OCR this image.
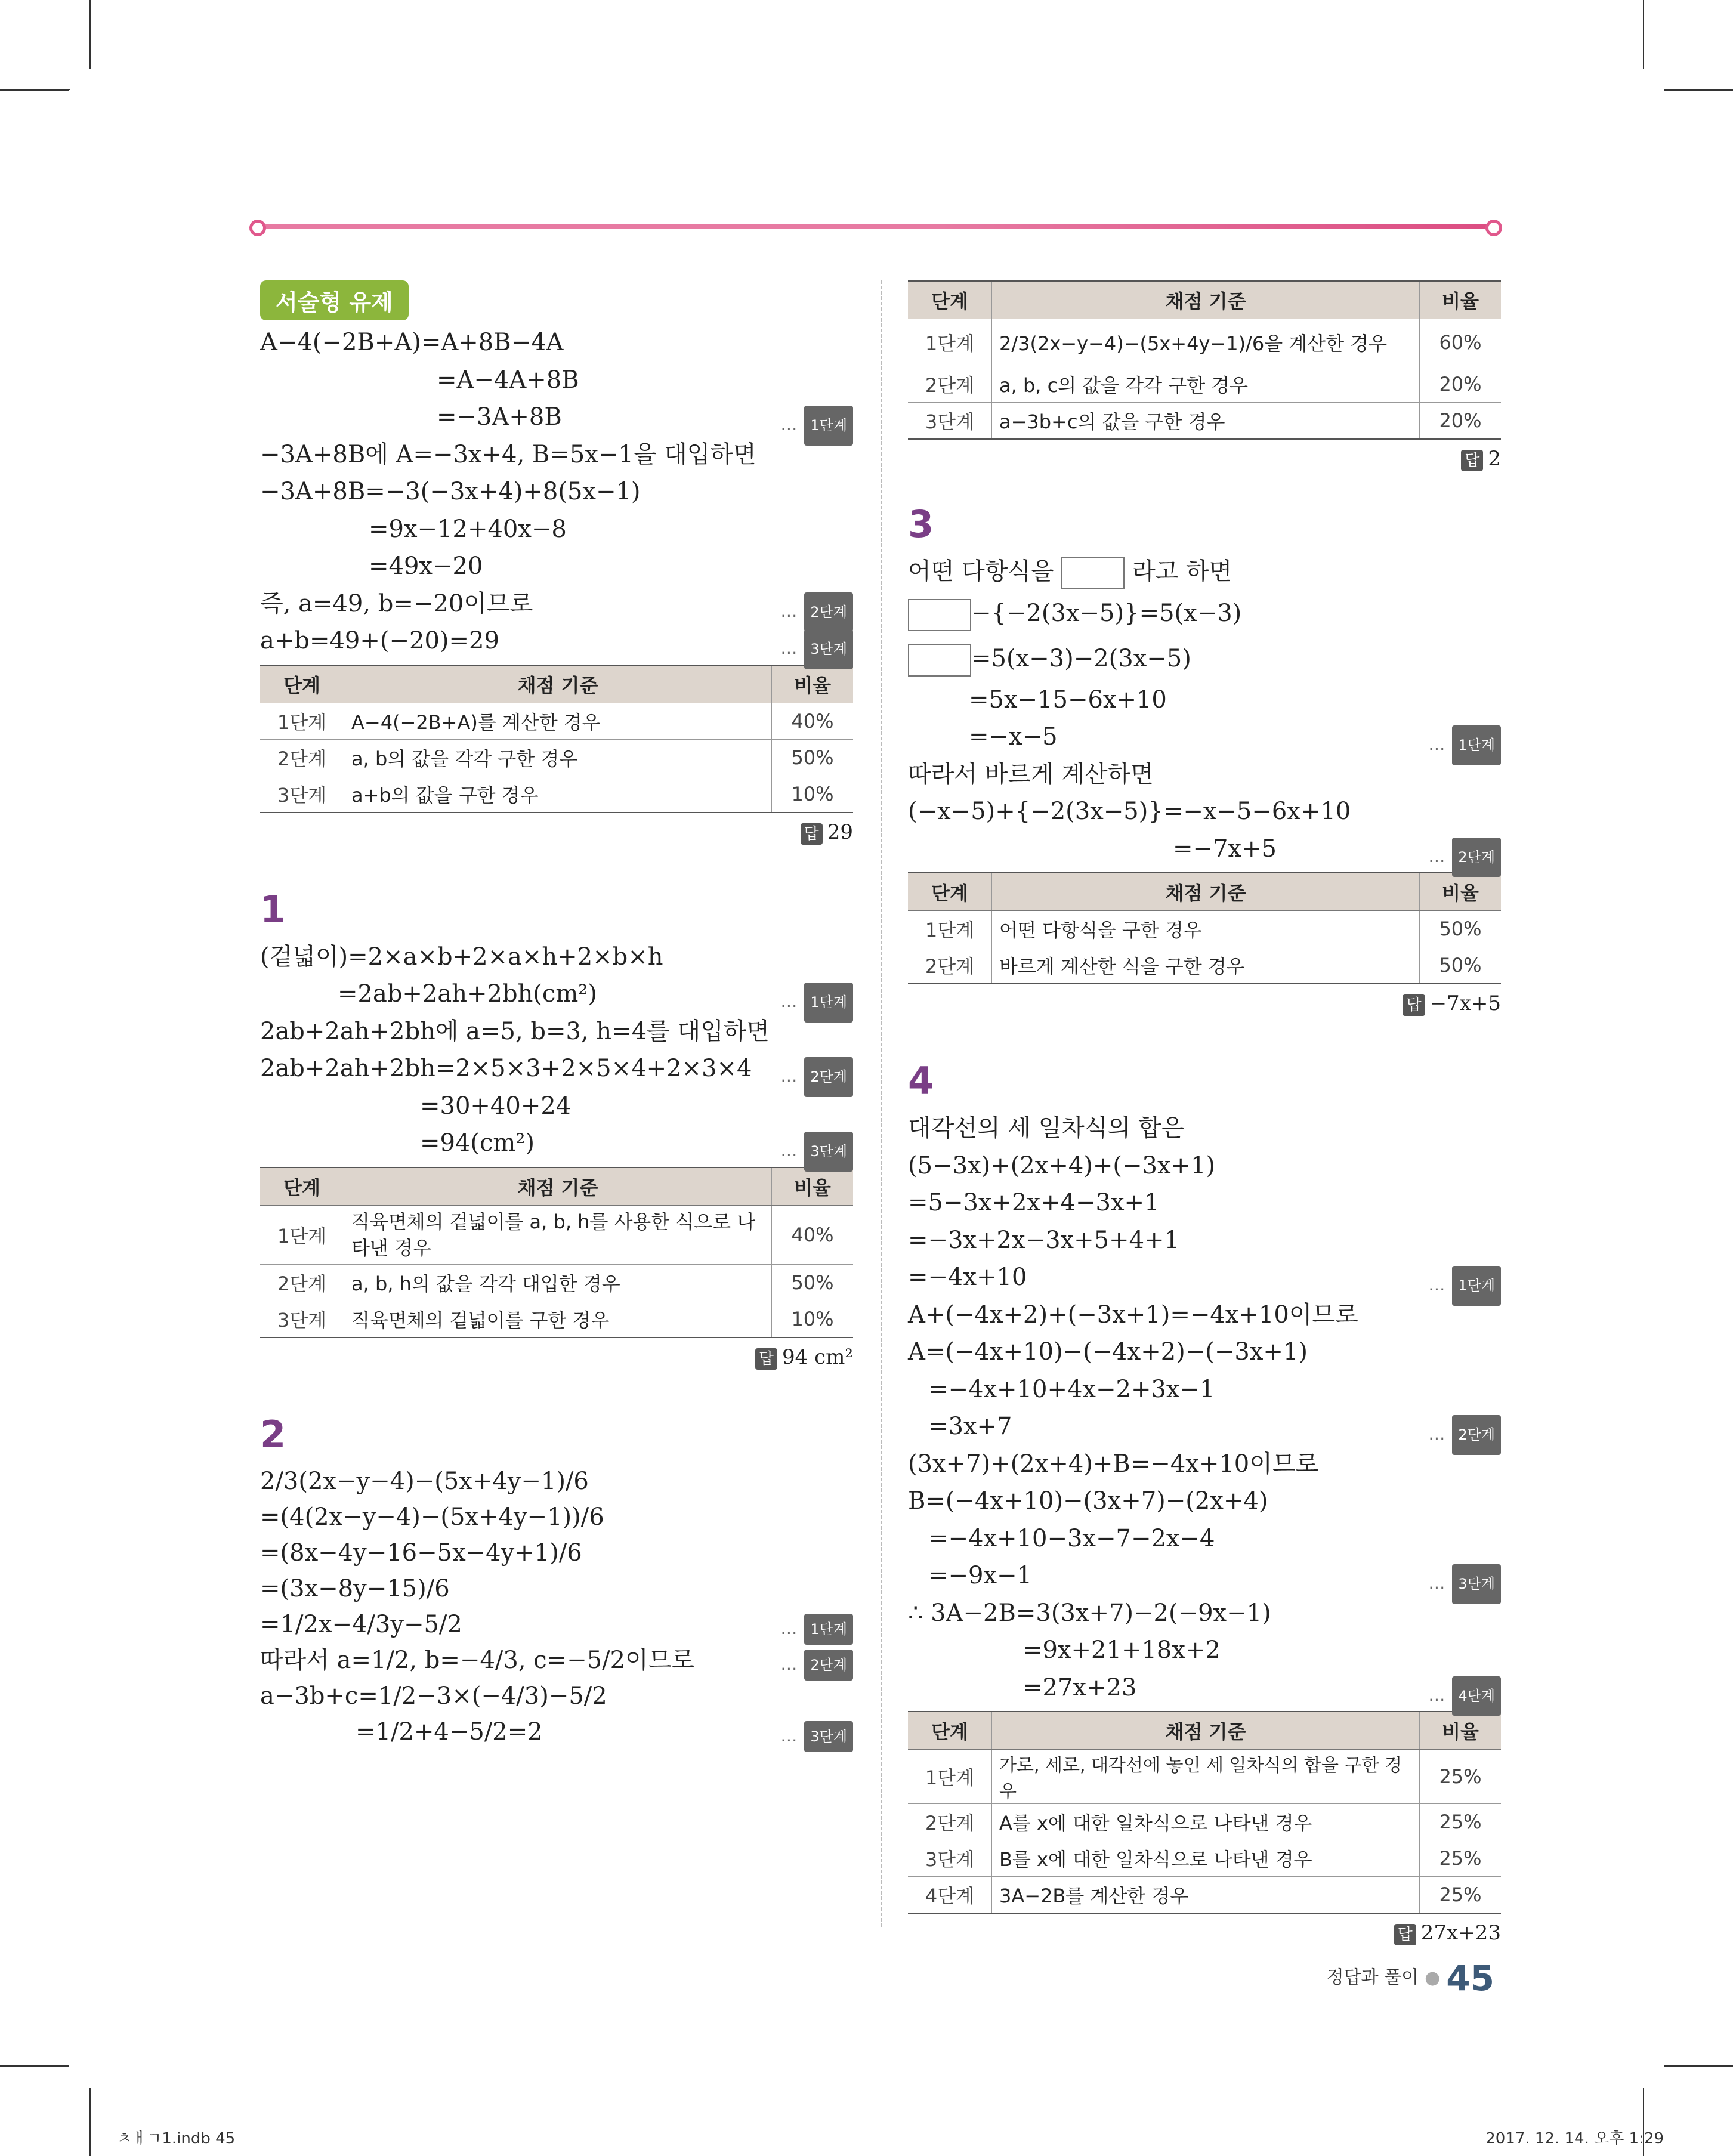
서술형 유제
A−4(−2B+A)=A+8B−4A
=A−4A+8B
=−3A+8B	… 1단계
−3A+8B에 A=−3x+4, B=5x−1을 대입하면
−3A+8B=−3(−3x+4)+8(5x−1)
=9x−12+40x−8
=49x−20
즉, a=49, b=−20이므로	… 2단계
a+b=49+(−20)=29	… 3단계
단계	채점 기준	비율
1단계	A−4(−2B+A)를 계산한 경우	40%
2단계	a, b의 값을 각각 구한 경우	50%
3단계	a+b의 값을 구한 경우	10%
답 29
1
(겉넓이)=2×a×b+2×a×h+2×b×h
=2ab+2ah+2bh(cm²)	… 1단계
2ab+2ah+2bh에 a=5, b=3, h=4를 대입하면
2ab+2ah+2bh=2×5×3+2×5×4+2×3×4 … 2단계
=30+40+24
=94(cm²)	… 3단계
단계	채점 기준	비율
1단계	직육면체의 겉넓이를 a, b, h를 사용한 식으로 나타낸 경우	40%
2단계	a, b, h의 값을 각각 대입한 경우	50%
3단계	직육면체의 겉넓이를 구한 경우	10%
답 94 cm²
2
2/3(2x−y−4)−(5x+4y−1)/6
=(4(2x−y−4)−(5x+4y−1))/6
=(8x−4y−16−5x−4y+1)/6
=(3x−8y−15)/6
=1/2x−4/3y−5/2	… 1단계
따라서 a=1/2, b=−4/3, c=−5/2이므로	… 2단계
a−3b+c=1/2−3×(−4/3)−5/2
=1/2+4−5/2=2	… 3단계
단계	채점 기준	비율
1단계	2/3(2x−y−4)−(5x+4y−1)/6을 계산한 경우	60%
2단계	a, b, c의 값을 각각 구한 경우	20%
3단계	a−3b+c의 값을 구한 경우	20%
답 2
3
어떤 다항식을	라고 하면
−{−2(3x−5)}=5(x−3)
=5(x−3)−2(3x−5)
=5x−15−6x+10
=−x−5	… 1단계
따라서 바르게 계산하면
(−x−5)+{−2(3x−5)}=−x−5−6x+10
=−7x+5	… 2단계
단계	채점 기준	비율
1단계	어떤 다항식을 구한 경우	50%
2단계	바르게 계산한 식을 구한 경우	50%
답 −7x+5
4
대각선의 세 일차식의 합은
(5−3x)+(2x+4)+(−3x+1)
=5−3x+2x+4−3x+1
=−3x+2x−3x+5+4+1
=−4x+10	… 1단계
A+(−4x+2)+(−3x+1)=−4x+10이므로
A=(−4x+10)−(−4x+2)−(−3x+1)
=−4x+10+4x−2+3x−1
=3x+7	… 2단계
(3x+7)+(2x+4)+B=−4x+10이므로
B=(−4x+10)−(3x+7)−(2x+4)
=−4x+10−3x−7−2x−4
=−9x−1	… 3단계
∴ 3A−2B=3(3x+7)−2(−9x−1)
=9x+21+18x+2
=27x+23	… 4단계
단계	채점 기준	비율
1단계	가로, 세로, 대각선에 놓인 세 일차식의 합을 구한 경우	25%
2단계	A를 x에 대한 일차식으로 나타낸 경우	25%
3단계	B를 x에 대한 일차식으로 나타낸 경우	25%
4단계	3A−2B를 계산한 경우	25%
답 27x+23
정답과 풀이 ● 45
ㅊㅐㄱ1.indb 45	2017. 12. 14. 오후 1:29
